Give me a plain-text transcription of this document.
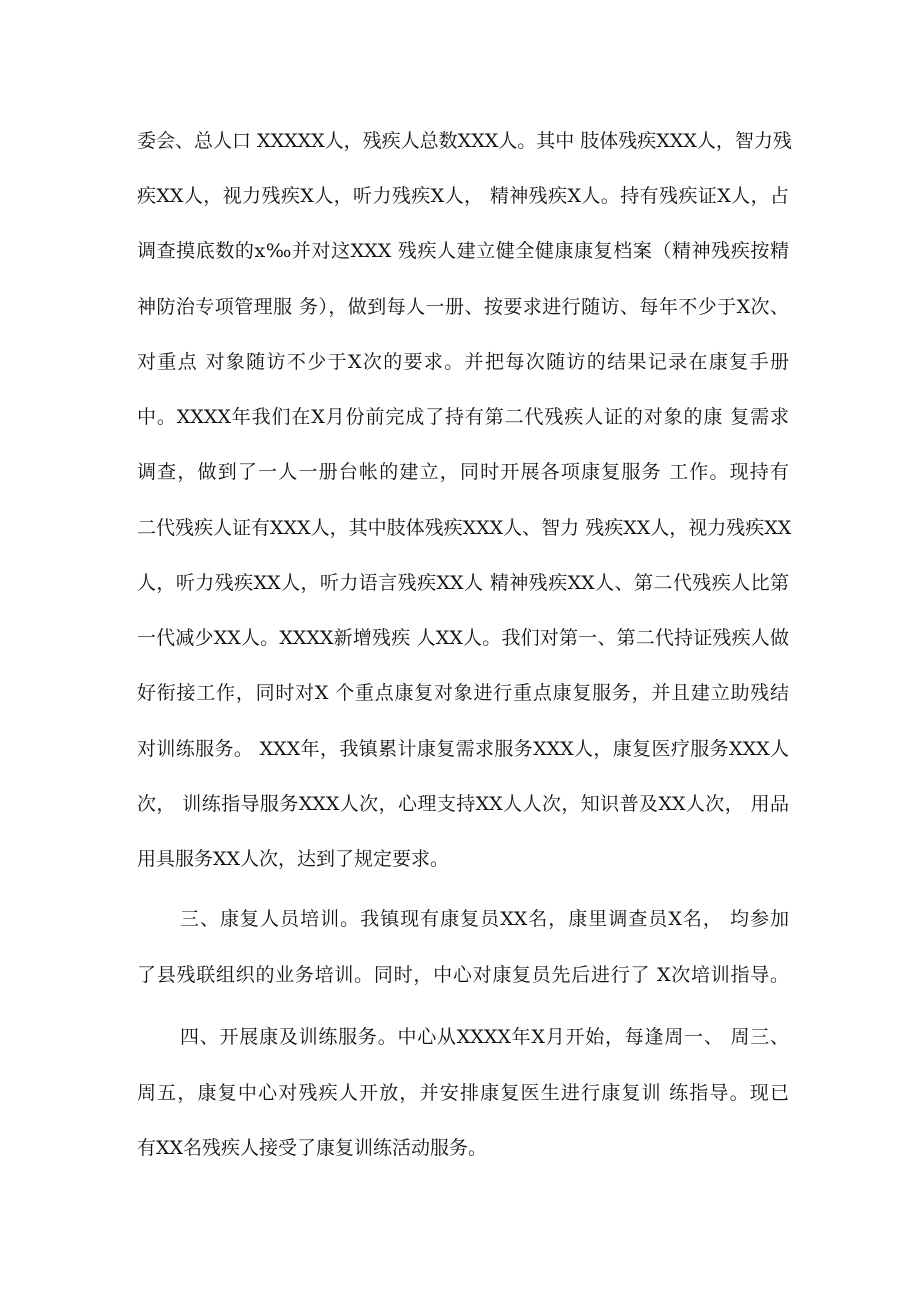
委会、总人口 XXXXX人，残疾人总数XXX人。其中 肢体残疾XXX人，智力残
疾XX人，视力残疾X人，听力残疾X人， 精神残疾X人。持有残疾证X人，占
调查摸底数的x‰并对这XXX 残疾人建立健全健康康复档案（精神残疾按精
神防治专项管理服 务），做到每人一册、按要求进行随访、每年不少于X次、
对重点 对象随访不少于X次的要求。并把每次随访的结果记录在康复手册
中。XXXX年我们在X月份前完成了持有第二代残疾人证的对象的康 复需求
调查，做到了一人一册台帐的建立，同时开展各项康复服务 工作。现持有
二代残疾人证有XXX人，其中肢体残疾XXX人、智力 残疾XX人，视力残疾XX
人，听力残疾XX人，听力语言残疾XX人 精神残疾XX人、第二代残疾人比第
一代减少XX人。XXXX新增残疾 人XX人。我们对第一、第二代持证残疾人做
好衔接工作，同时对X 个重点康复对象进行重点康复服务，并且建立助残结
对训练服务。 XXX年，我镇累计康复需求服务XXX人，康复医疗服务XXX人
次， 训练指导服务XXX人次，心理支持XX人人次，知识普及XX人次， 用品
用具服务XX人次，达到了规定要求。
三、康复人员培训。我镇现有康复员XX名，康里调查员X名， 均参加
了县残联组织的业务培训。同时，中心对康复员先后进行了 X次培训指导。
四、开展康及训练服务。中心从XXXX年X月开始，每逢周一、 周三、
周五，康复中心对残疾人开放，并安排康复医生进行康复训 练指导。现已
有XX名残疾人接受了康复训练活动服务。
